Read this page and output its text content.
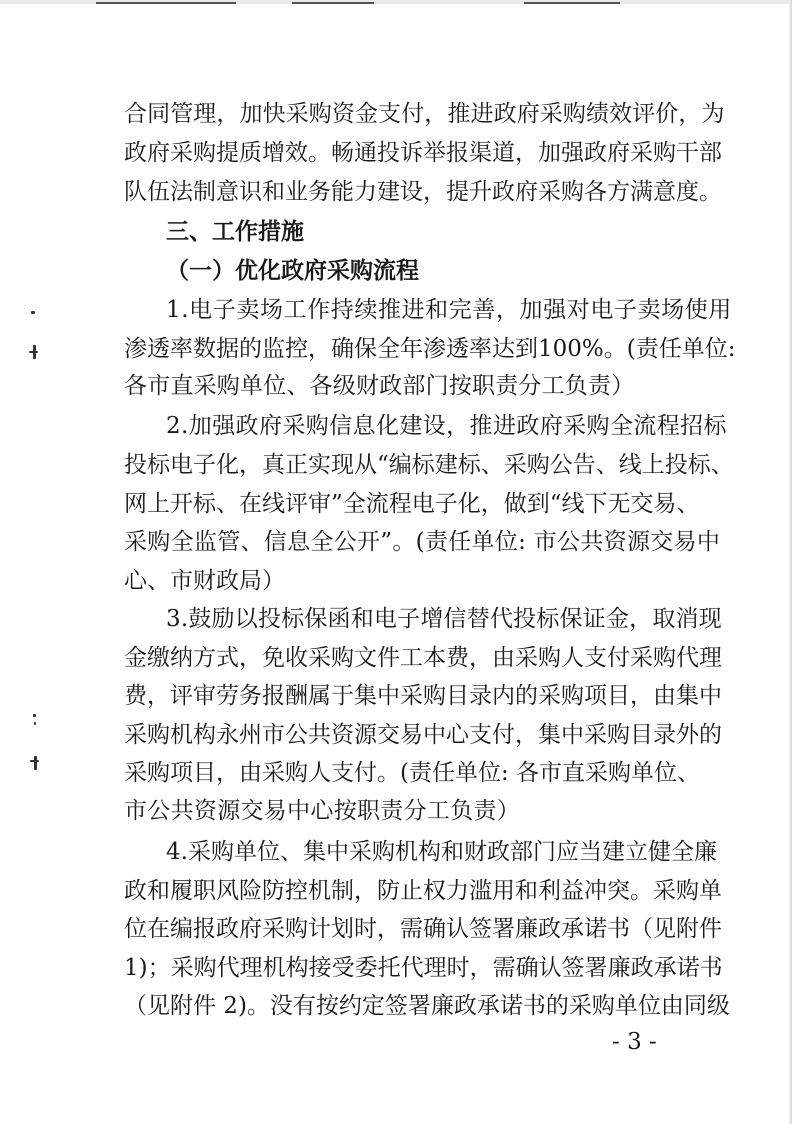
合同管理，加快采购资金支付，推进政府采购绩效评价，为
政府采购提质增效。畅通投诉举报渠道，加强政府采购干部
队伍法制意识和业务能力建设，提升政府采购各方满意度。
三、工作措施
（一）优化政府采购流程
1.电子卖场工作持续推进和完善，加强对电子卖场使用
渗透率数据的监控，确保全年渗透率达到100%。(责任单位:
各市直采购单位、各级财政部门按职责分工负责）
2.加强政府采购信息化建设，推进政府采购全流程招标
投标电子化，真正实现从“编标建标、采购公告、线上投标、
网上开标、在线评审”全流程电子化，做到“线下无交易、
采购全监管、信息全公开”。(责任单位: 市公共资源交易中
心、市财政局）
3.鼓励以投标保函和电子增信替代投标保证金，取消现
金缴纳方式，免收采购文件工本费，由采购人支付采购代理
费，评审劳务报酬属于集中采购目录内的采购项目，由集中
采购机构永州市公共资源交易中心支付，集中采购目录外的
采购项目，由采购人支付。(责任单位: 各市直采购单位、
市公共资源交易中心按职责分工负责）
4.采购单位、集中采购机构和财政部门应当建立健全廉
政和履职风险防控机制，防止权力滥用和利益冲突。采购单
位在编报政府采购计划时，需确认签署廉政承诺书（见附件
1)；采购代理机构接受委托代理时，需确认签署廉政承诺书
（见附件 2)。没有按约定签署廉政承诺书的采购单位由同级
- 3 -
